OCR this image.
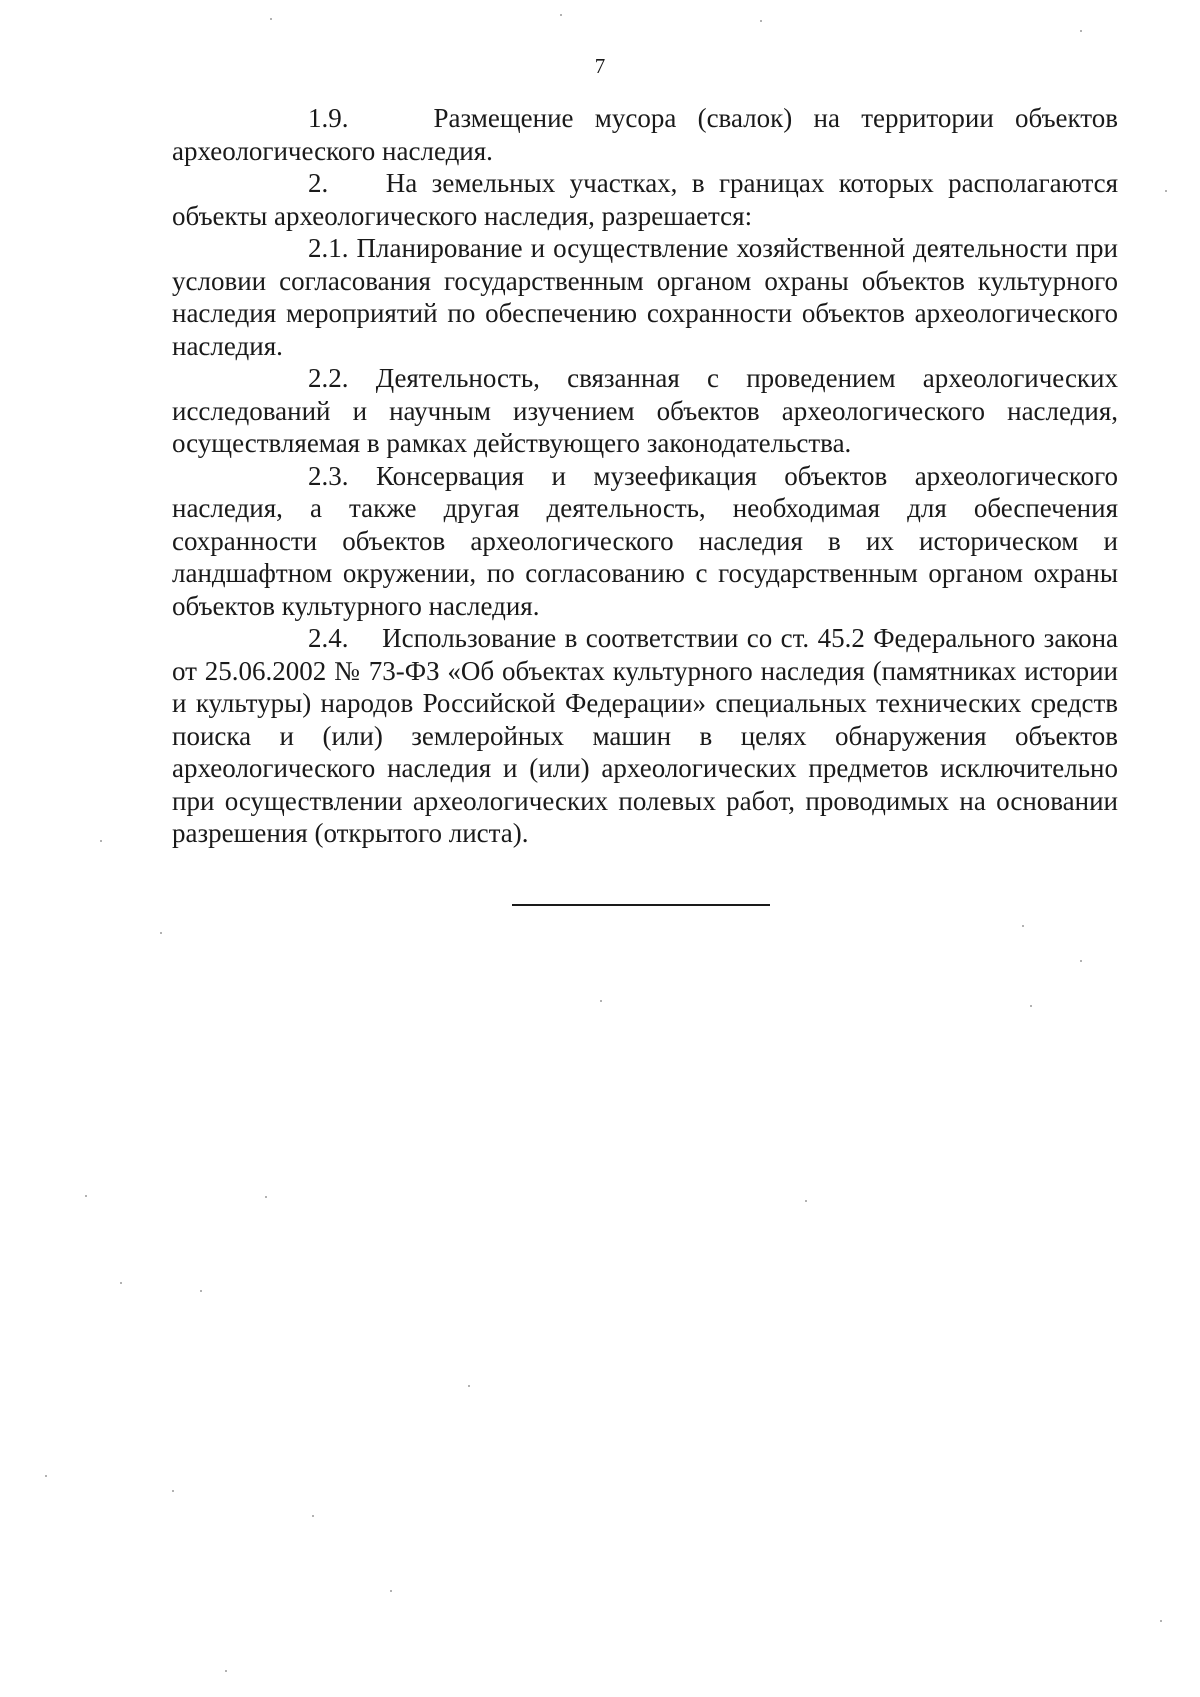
7

1.9.	Размещение мусора (свалок) на территории объектов археологического наследия.

2. На земельных участках, в границах которых располагаются объекты археологического наследия, разрешается:

2.1. Планирование и осуществление хозяйственной деятельности при условии согласования государственным органом охраны объектов культурного наследия мероприятий по обеспечению сохранности объектов археологического наследия.

2.2. Деятельность, связанная с проведением археологических исследований и научным изучением объектов археологического наследия, осуществляемая в рамках действующего законодательства.

2.3. Консервация и музеефикация объектов археологического наследия, а также другая деятельность, необходимая для обеспечения сохранности объектов археологического наследия в их историческом и ландшафтном окружении, по согласованию с государственным органом охраны объектов культурного наследия.

2.4. Использование в соответствии со ст. 45.2 Федерального закона от 25.06.2002 № 73-ФЗ «Об объектах культурного наследия (памятниках истории и культуры) народов Российской Федерации» специальных технических средств поиска и (или) землеройных машин в целях обнаружения объектов археологического наследия и (или) археологических предметов исключительно при осуществлении археологических полевых работ, проводимых на основании разрешения (открытого листа).
